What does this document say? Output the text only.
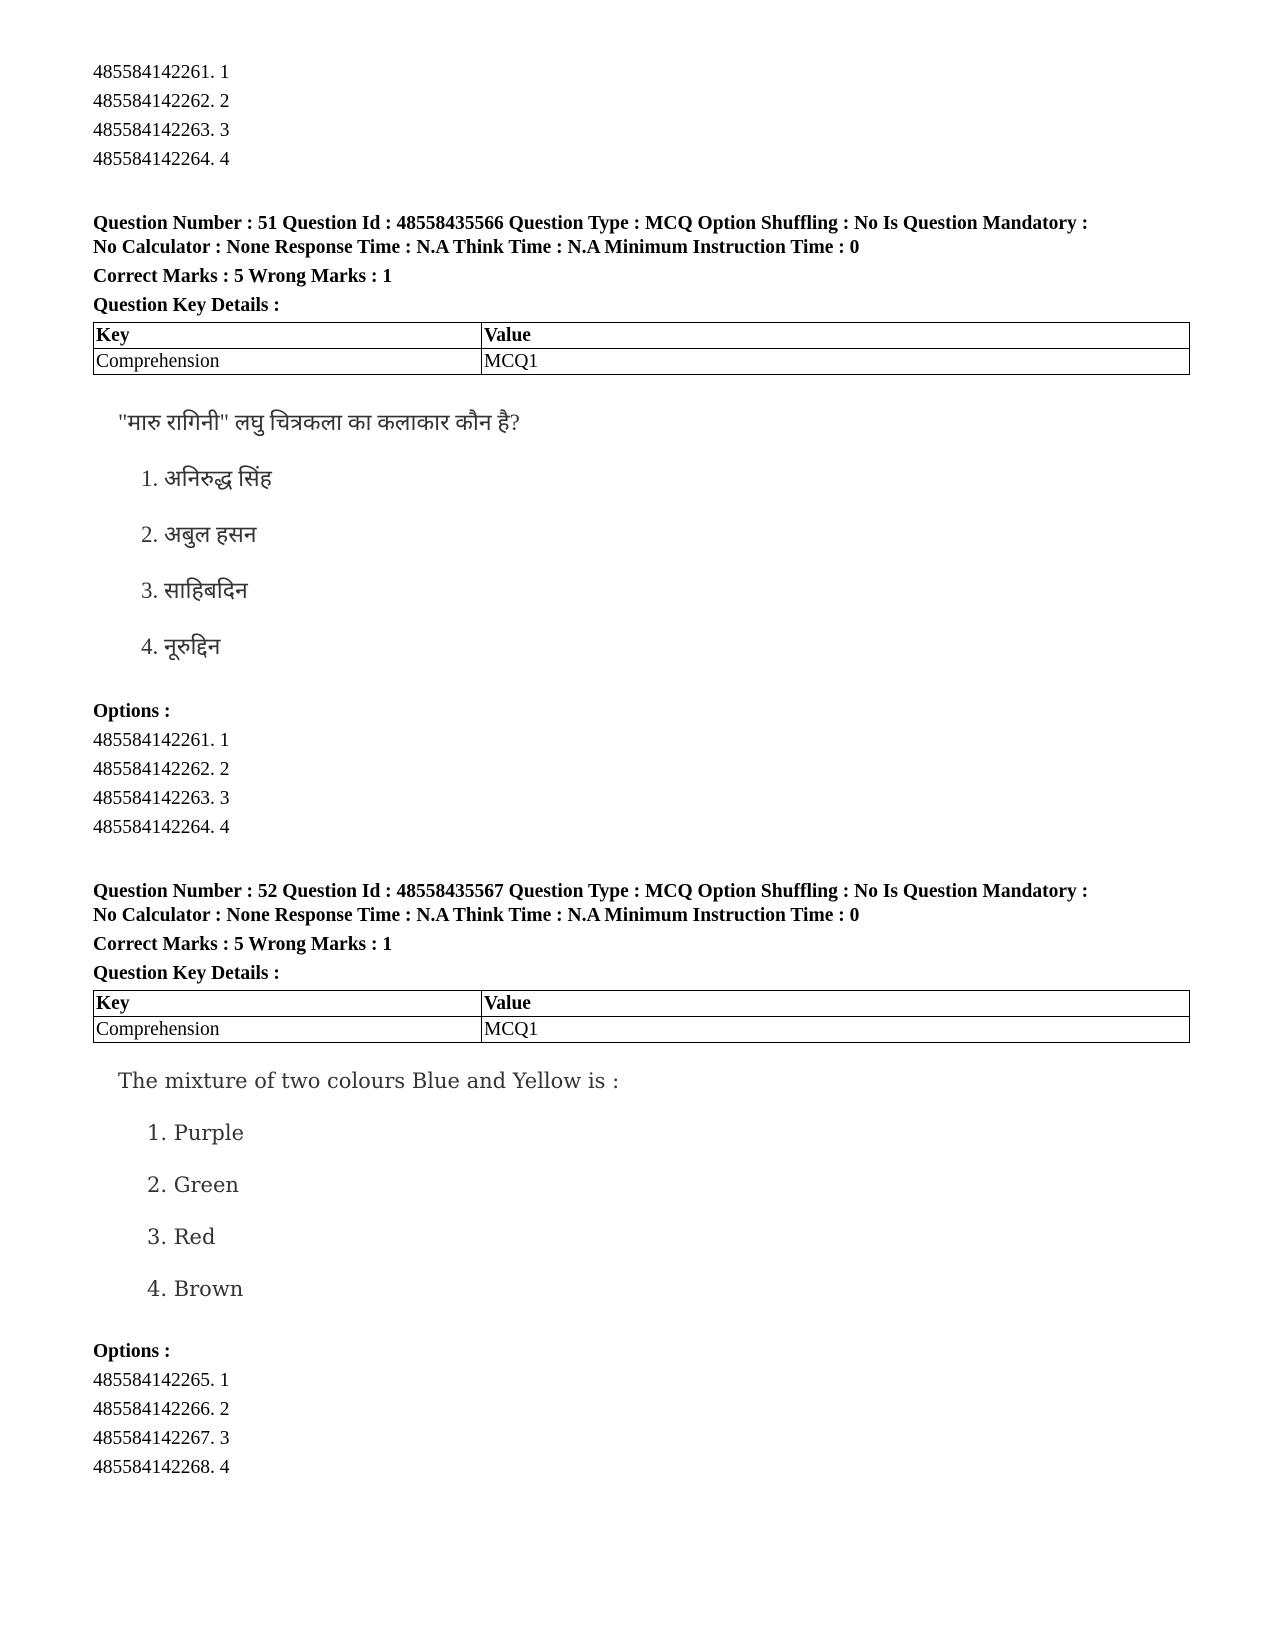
485584142261. 1
485584142262. 2
485584142263. 3
485584142264. 4
Question Number : 51 Question Id : 48558435566 Question Type : MCQ Option Shuffling : No Is Question Mandatory :
No Calculator : None Response Time : N.A Think Time : N.A Minimum Instruction Time : 0
Correct Marks : 5 Wrong Marks : 1
Question Key Details :
Key	Value
Comprehension	MCQ1
"मारु रागिनी" लघु चित्रकला का कलाकार कौन है?
1. अनिरुद्ध सिंह
2. अबुल हसन
3. साहिबदिन
4. नूरुद्दिन
Options :
485584142261. 1
485584142262. 2
485584142263. 3
485584142264. 4
Question Number : 52 Question Id : 48558435567 Question Type : MCQ Option Shuffling : No Is Question Mandatory :
No Calculator : None Response Time : N.A Think Time : N.A Minimum Instruction Time : 0
Correct Marks : 5 Wrong Marks : 1
Question Key Details :
Key	Value
Comprehension	MCQ1
The mixture of two colours Blue and Yellow is :
1. Purple
2. Green
3. Red
4. Brown
Options :
485584142265. 1
485584142266. 2
485584142267. 3
485584142268. 4
